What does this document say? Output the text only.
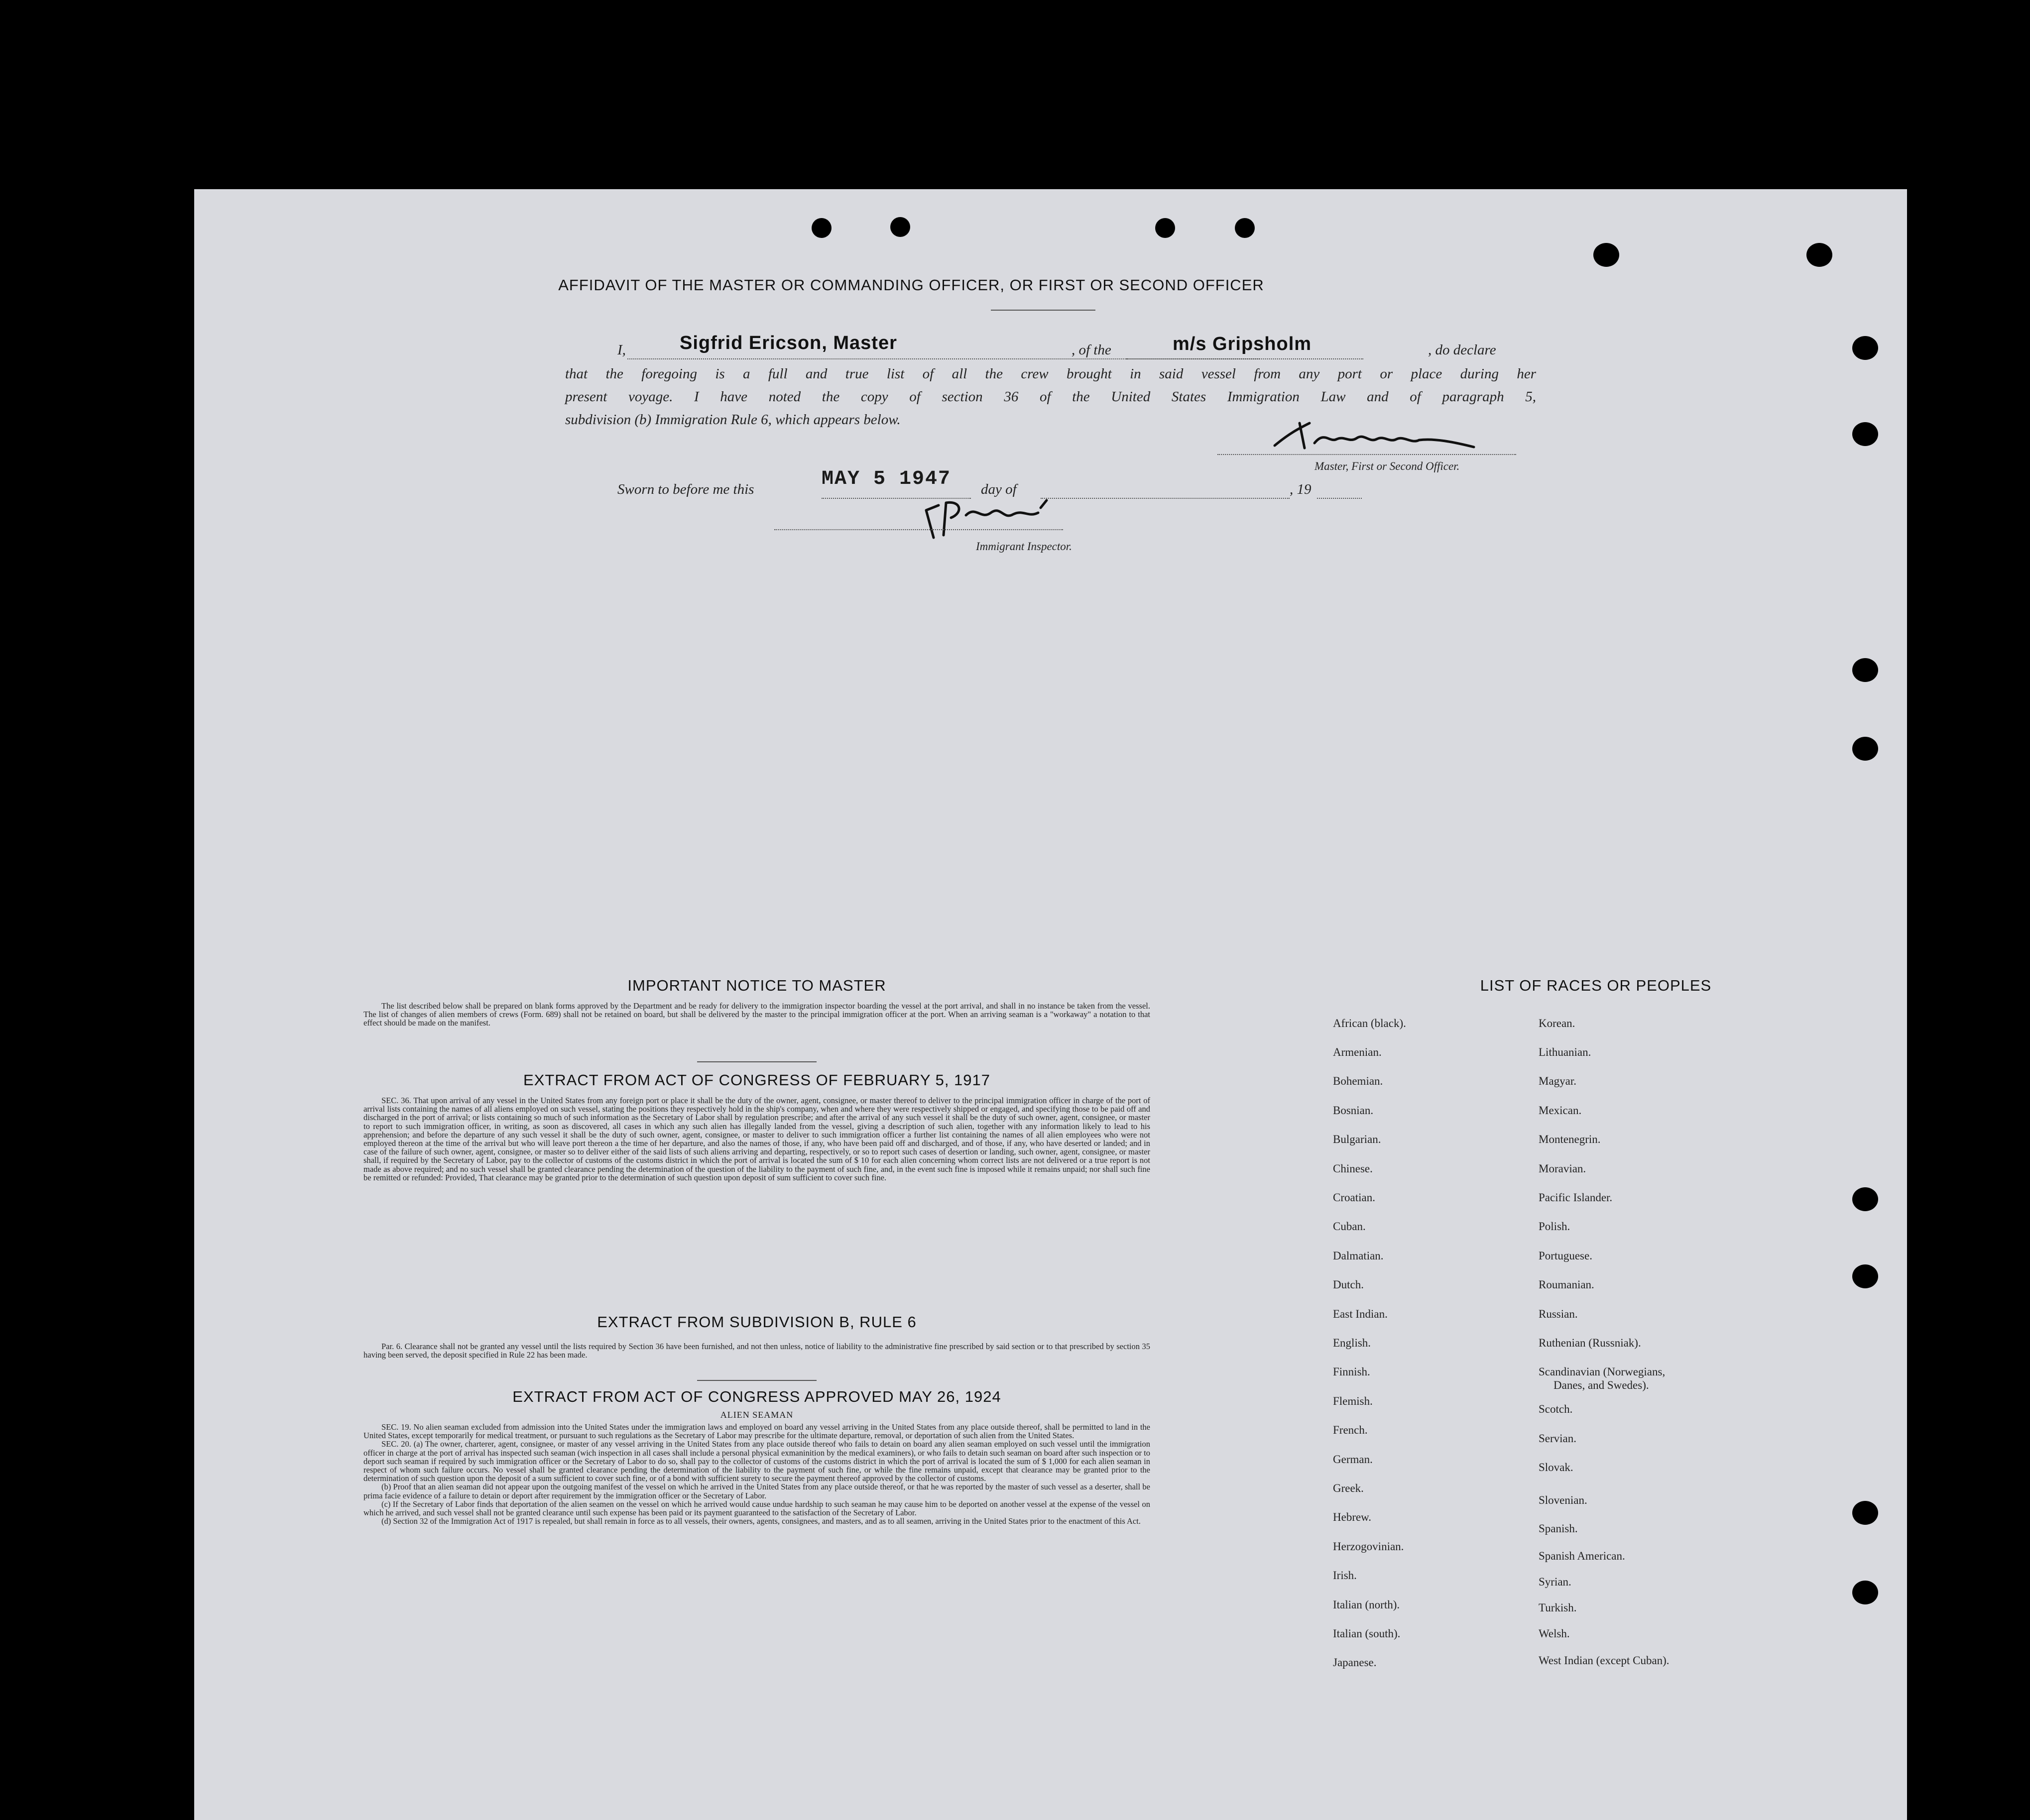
AFFIDAVIT OF THE MASTER OR COMMANDING OFFICER, OR FIRST OR SECOND OFFICER
I,	Sigfrid Ericson, Master	, of the	m/s Gripsholm	, do declare
that the foregoing is a full and true list of all the crew brought in said vessel from any port or place during her
present voyage. I have noted the copy of section 36 of the United States Immigration Law and of paragraph 5,
subdivision (b) Immigration Rule 6, which appears below.
Master, First or Second Officer.
Sworn to before me this	MAY 5 1947 day of	, 19
Immigrant Inspector.
IMPORTANT NOTICE TO MASTER

The list described below shall be prepared on blank forms approved by the Department and be ready for delivery to the immigration inspector boarding the vessel at the port arrival, and shall in no instance be taken from the vessel. The list of changes of alien members of crews (Form. 689) shall not be retained on board, but shall be delivered by the master to the principal immigration officer at the port. When an arriving seaman is a "workaway" a notation to that effect should be made on the manifest.

EXTRACT FROM ACT OF CONGRESS OF FEBRUARY 5, 1917

SEC. 36. That upon arrival of any vessel in the United States from any foreign port or place it shall be the duty of the owner, agent, consignee, or master thereof to deliver to the principal immigration officer in charge of the port of arrival lists containing the names of all aliens employed on such vessel, stating the positions they respectively hold in the ship's company, when and where they were respectively shipped or engaged, and specifying those to be paid off and discharged in the port of arrival; or lists containing so much of such information as the Secretary of Labor shall by regulation prescribe; and after the arrival of any such vessel it shall be the duty of such owner, agent, consignee, or master to report to such immigration officer, in writing, as soon as discovered, all cases in which any such alien has illegally landed from the vessel, giving a description of such alien, together with any information likely to lead to his apprehension; and before the departure of any such vessel it shall be the duty of such owner, agent, consignee, or master to deliver to such immigration officer a further list containing the names of all alien employees who were not employed thereon at the time of the arrival but who will leave port thereon a the time of her departure, and also the names of those, if any, who have been paid off and discharged, and of those, if any, who have deserted or landed; and in case of the failure of such owner, agent, consignee, or master so to deliver either of the said lists of such aliens arriving and departing, respectively, or so to report such cases of desertion or landing, such owner, agent, consignee, or master shall, if required by the Secretary of Labor, pay to the collector of customs of the customs district in which the port of arrival is located the sum of $ 10 for each alien concerning whom correct lists are not delivered or a true report is not made as above required; and no such vessel shall be granted clearance pending the determination of the question of the liability to the payment of such fine, and, in the event such fine is imposed while it remains unpaid; nor shall such fine be remitted or refunded: Provided, That clearance may be granted prior to the determination of such question upon deposit of sum sufficient to cover such fine.

EXTRACT FROM SUBDIVISION B, RULE 6

Par. 6. Clearance shall not be granted any vessel until the lists required by Section 36 have been furnished, and not then unless, notice of liability to the administrative fine prescribed by said section or to that prescribed by section 35 having been served, the deposit specified in Rule 22 has been made.

EXTRACT FROM ACT OF CONGRESS APPROVED MAY 26, 1924
ALIEN SEAMAN

SEC. 19. No alien seaman excluded from admission into the United States under the immigration laws and employed on board any vessel arriving in the United States from any place outside thereof, shall be permitted to land in the United States, except temporarily for medical treatment, or pursuant to such regulations as the Secretary of Labor may prescribe for the ultimate departure, removal, or deportation of such alien from the United States.

SEC. 20. (a) The owner, charterer, agent, consignee, or master of any vessel arriving in the United States from any place outside thereof who fails to detain on board any alien seaman employed on such vessel until the immigration officer in charge at the port of arrival has inspected such seaman (wich inspection in all cases shall include a personal physical exmaninition by the medical examiners), or who fails to detain such seaman on board after such inspection or to deport such seaman if required by such immigration officer or the Secretary of Labor to do so, shall pay to the collector of customs of the customs district in which the port of arrival is located the sum of $ 1,000 for each alien seaman in respect of whom such failure occurs. No vessel shall be granted clearance pending the determination of the liability to the payment of such fine, or while the fine remains unpaid, except that clearance may be granted prior to the determination of such question upon the deposit of a sum sufficient to cover such fine, or of a bond with sufficient surety to secure the payment thereof approved by the collector of customs.

(b) Proof that an alien seaman did not appear upon the outgoing manifest of the vessel on which he arrived in the United States from any place outside thereof, or that he was reported by the master of such vessel as a deserter, shall be prima facie evidence of a failure to detain or deport after requirement by the immigration officer or the Secretary of Labor.

(c) If the Secretary of Labor finds that deportation of the alien seamen on the vessel on which he arrived would cause undue hardship to such seaman he may cause him to be deported on another vessel at the expense of the vessel on which he arrived, and such vessel shall not be granted clearance until such expense has been paid or its payment guaranteed to the satisfaction of the Secretary of Labor.

(d) Section 32 of the Immigration Act of 1917 is repealed, but shall remain in force as to all vessels, their owners, agents, consignees, and masters, and as to all seamen, arriving in the United States prior to the enactment of this Act.

LIST OF RACES OR PEOPLES
African (black).
Armenian.
Bohemian.
Bosnian.
Bulgarian.
Chinese.
Croatian.
Cuban.
Dalmatian.
Dutch.
East Indian.
English.
Finnish.
Flemish.
French.
German.
Greek.
Hebrew.
Herzogovinian.
Irish.
Italian (north).
Italian (south).
Japanese.
Korean.
Lithuanian.
Magyar.
Mexican.
Montenegrin.
Moravian.
Pacific Islander.
Polish.
Portuguese.
Roumanian.
Russian.
Ruthenian (Russniak).
Scandinavian (Norwegians,
Danes, and Swedes).
Scotch.
Servian.
Slovak.
Slovenian.
Spanish.
Spanish American.
Syrian.
Turkish.
Welsh.
West Indian (except Cuban).
